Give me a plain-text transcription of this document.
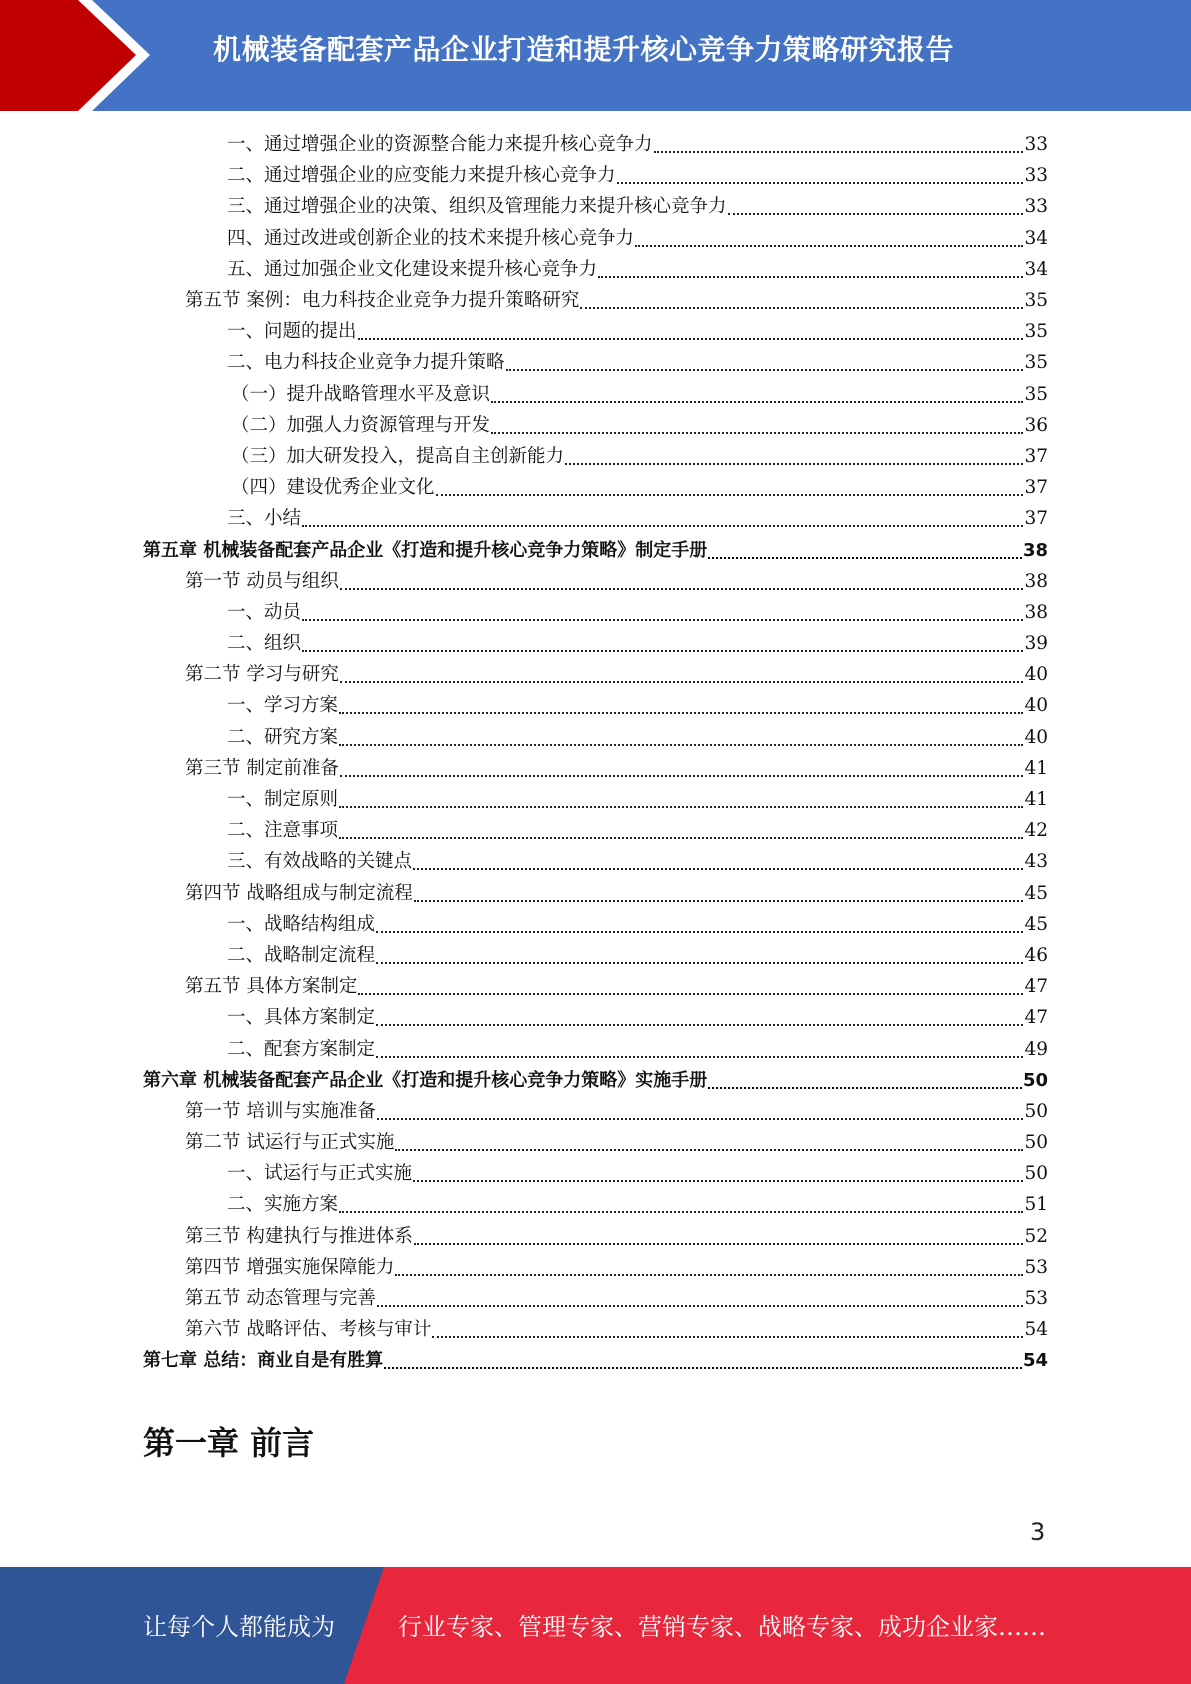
机械装备配套产品企业打造和提升核心竞争力策略研究报告
一、通过增强企业的资源整合能力来提升核心竞争力	33
二、通过增强企业的应变能力来提升核心竞争力	33
三、通过增强企业的决策、组织及管理能力来提升核心竞争力	33
四、通过改进或创新企业的技术来提升核心竞争力	34
五、通过加强企业文化建设来提升核心竞争力	34
第五节 案例：电力科技企业竞争力提升策略研究	35
一、问题的提出	35
二、电力科技企业竞争力提升策略	35
（一）提升战略管理水平及意识	35
（二）加强人力资源管理与开发	36
（三）加大研发投入，提高自主创新能力	37
（四）建设优秀企业文化	37
三、小结	37
第五章 机械装备配套产品企业《打造和提升核心竞争力策略》制定手册	38
第一节 动员与组织	38
一、动员	38
二、组织	39
第二节 学习与研究	40
一、学习方案	40
二、研究方案	40
第三节 制定前准备	41
一、制定原则	41
二、注意事项	42
三、有效战略的关键点	43
第四节 战略组成与制定流程	45
一、战略结构组成	45
二、战略制定流程	46
第五节 具体方案制定	47
一、具体方案制定	47
二、配套方案制定	49
第六章 机械装备配套产品企业《打造和提升核心竞争力策略》实施手册	50
第一节 培训与实施准备	50
第二节 试运行与正式实施	50
一、试运行与正式实施	50
二、实施方案	51
第三节 构建执行与推进体系	52
第四节 增强实施保障能力	53
第五节 动态管理与完善	53
第六节 战略评估、考核与审计	54
第七章 总结：商业自是有胜算	54
第一章 前言
3
让每个人都能成为	行业专家、管理专家、营销专家、战略专家、成功企业家……
